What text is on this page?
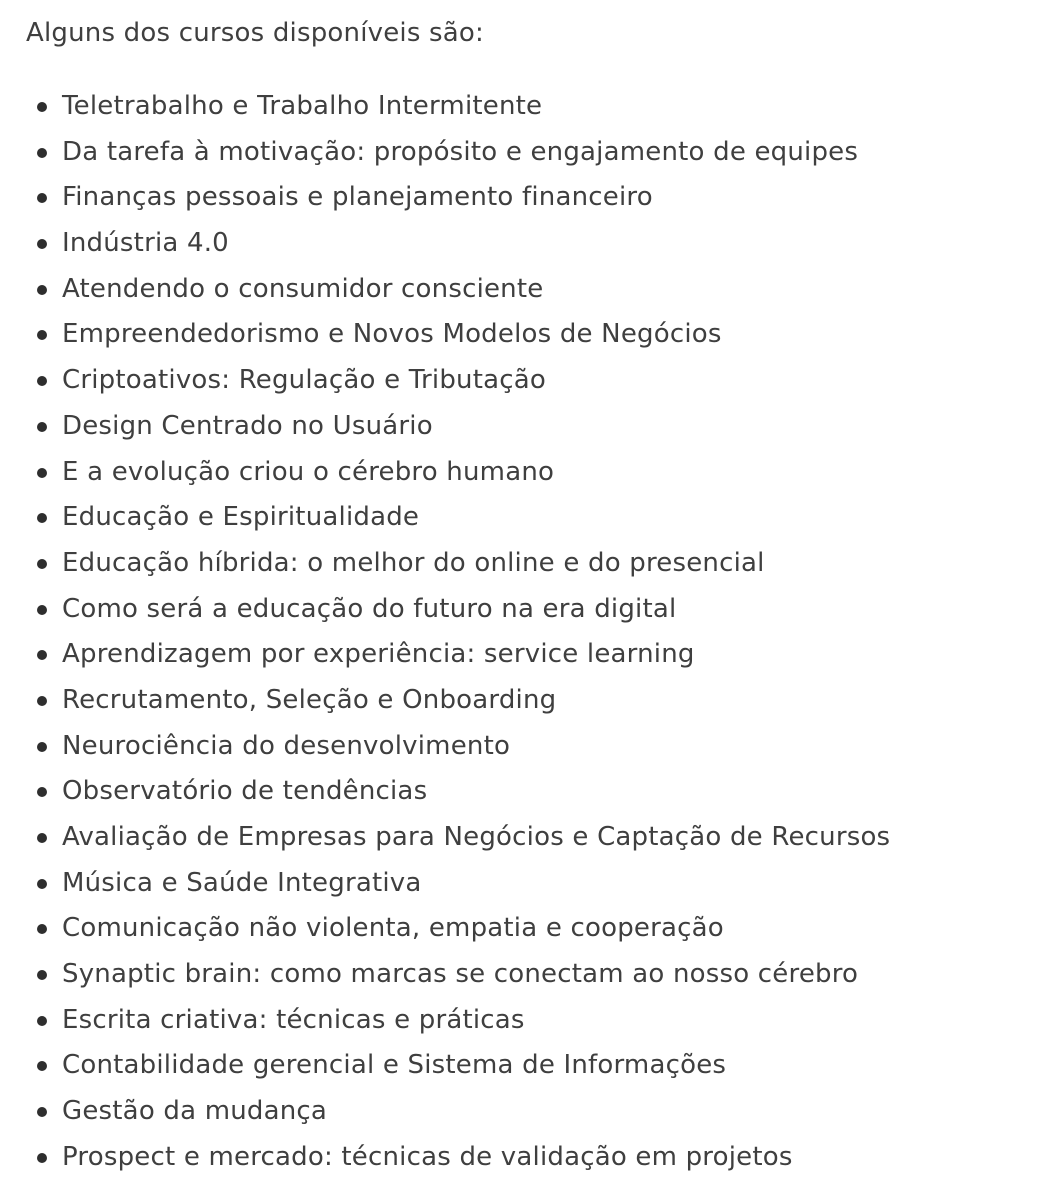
Alguns dos cursos disponíveis são:

Teletrabalho e Trabalho Intermitente
Da tarefa à motivação: propósito e engajamento de equipes
Finanças pessoais e planejamento financeiro
Indústria 4.0
Atendendo o consumidor consciente
Empreendedorismo e Novos Modelos de Negócios
Criptoativos: Regulação e Tributação
Design Centrado no Usuário
E a evolução criou o cérebro humano
Educação e Espiritualidade
Educação híbrida: o melhor do online e do presencial
Como será a educação do futuro na era digital
Aprendizagem por experiência: service learning
Recrutamento, Seleção e Onboarding
Neurociência do desenvolvimento
Observatório de tendências
Avaliação de Empresas para Negócios e Captação de Recursos
Música e Saúde Integrativa
Comunicação não violenta, empatia e cooperação
Synaptic brain: como marcas se conectam ao nosso cérebro
Escrita criativa: técnicas e práticas
Contabilidade gerencial e Sistema de Informações
Gestão da mudança
Prospect e mercado: técnicas de validação em projetos
